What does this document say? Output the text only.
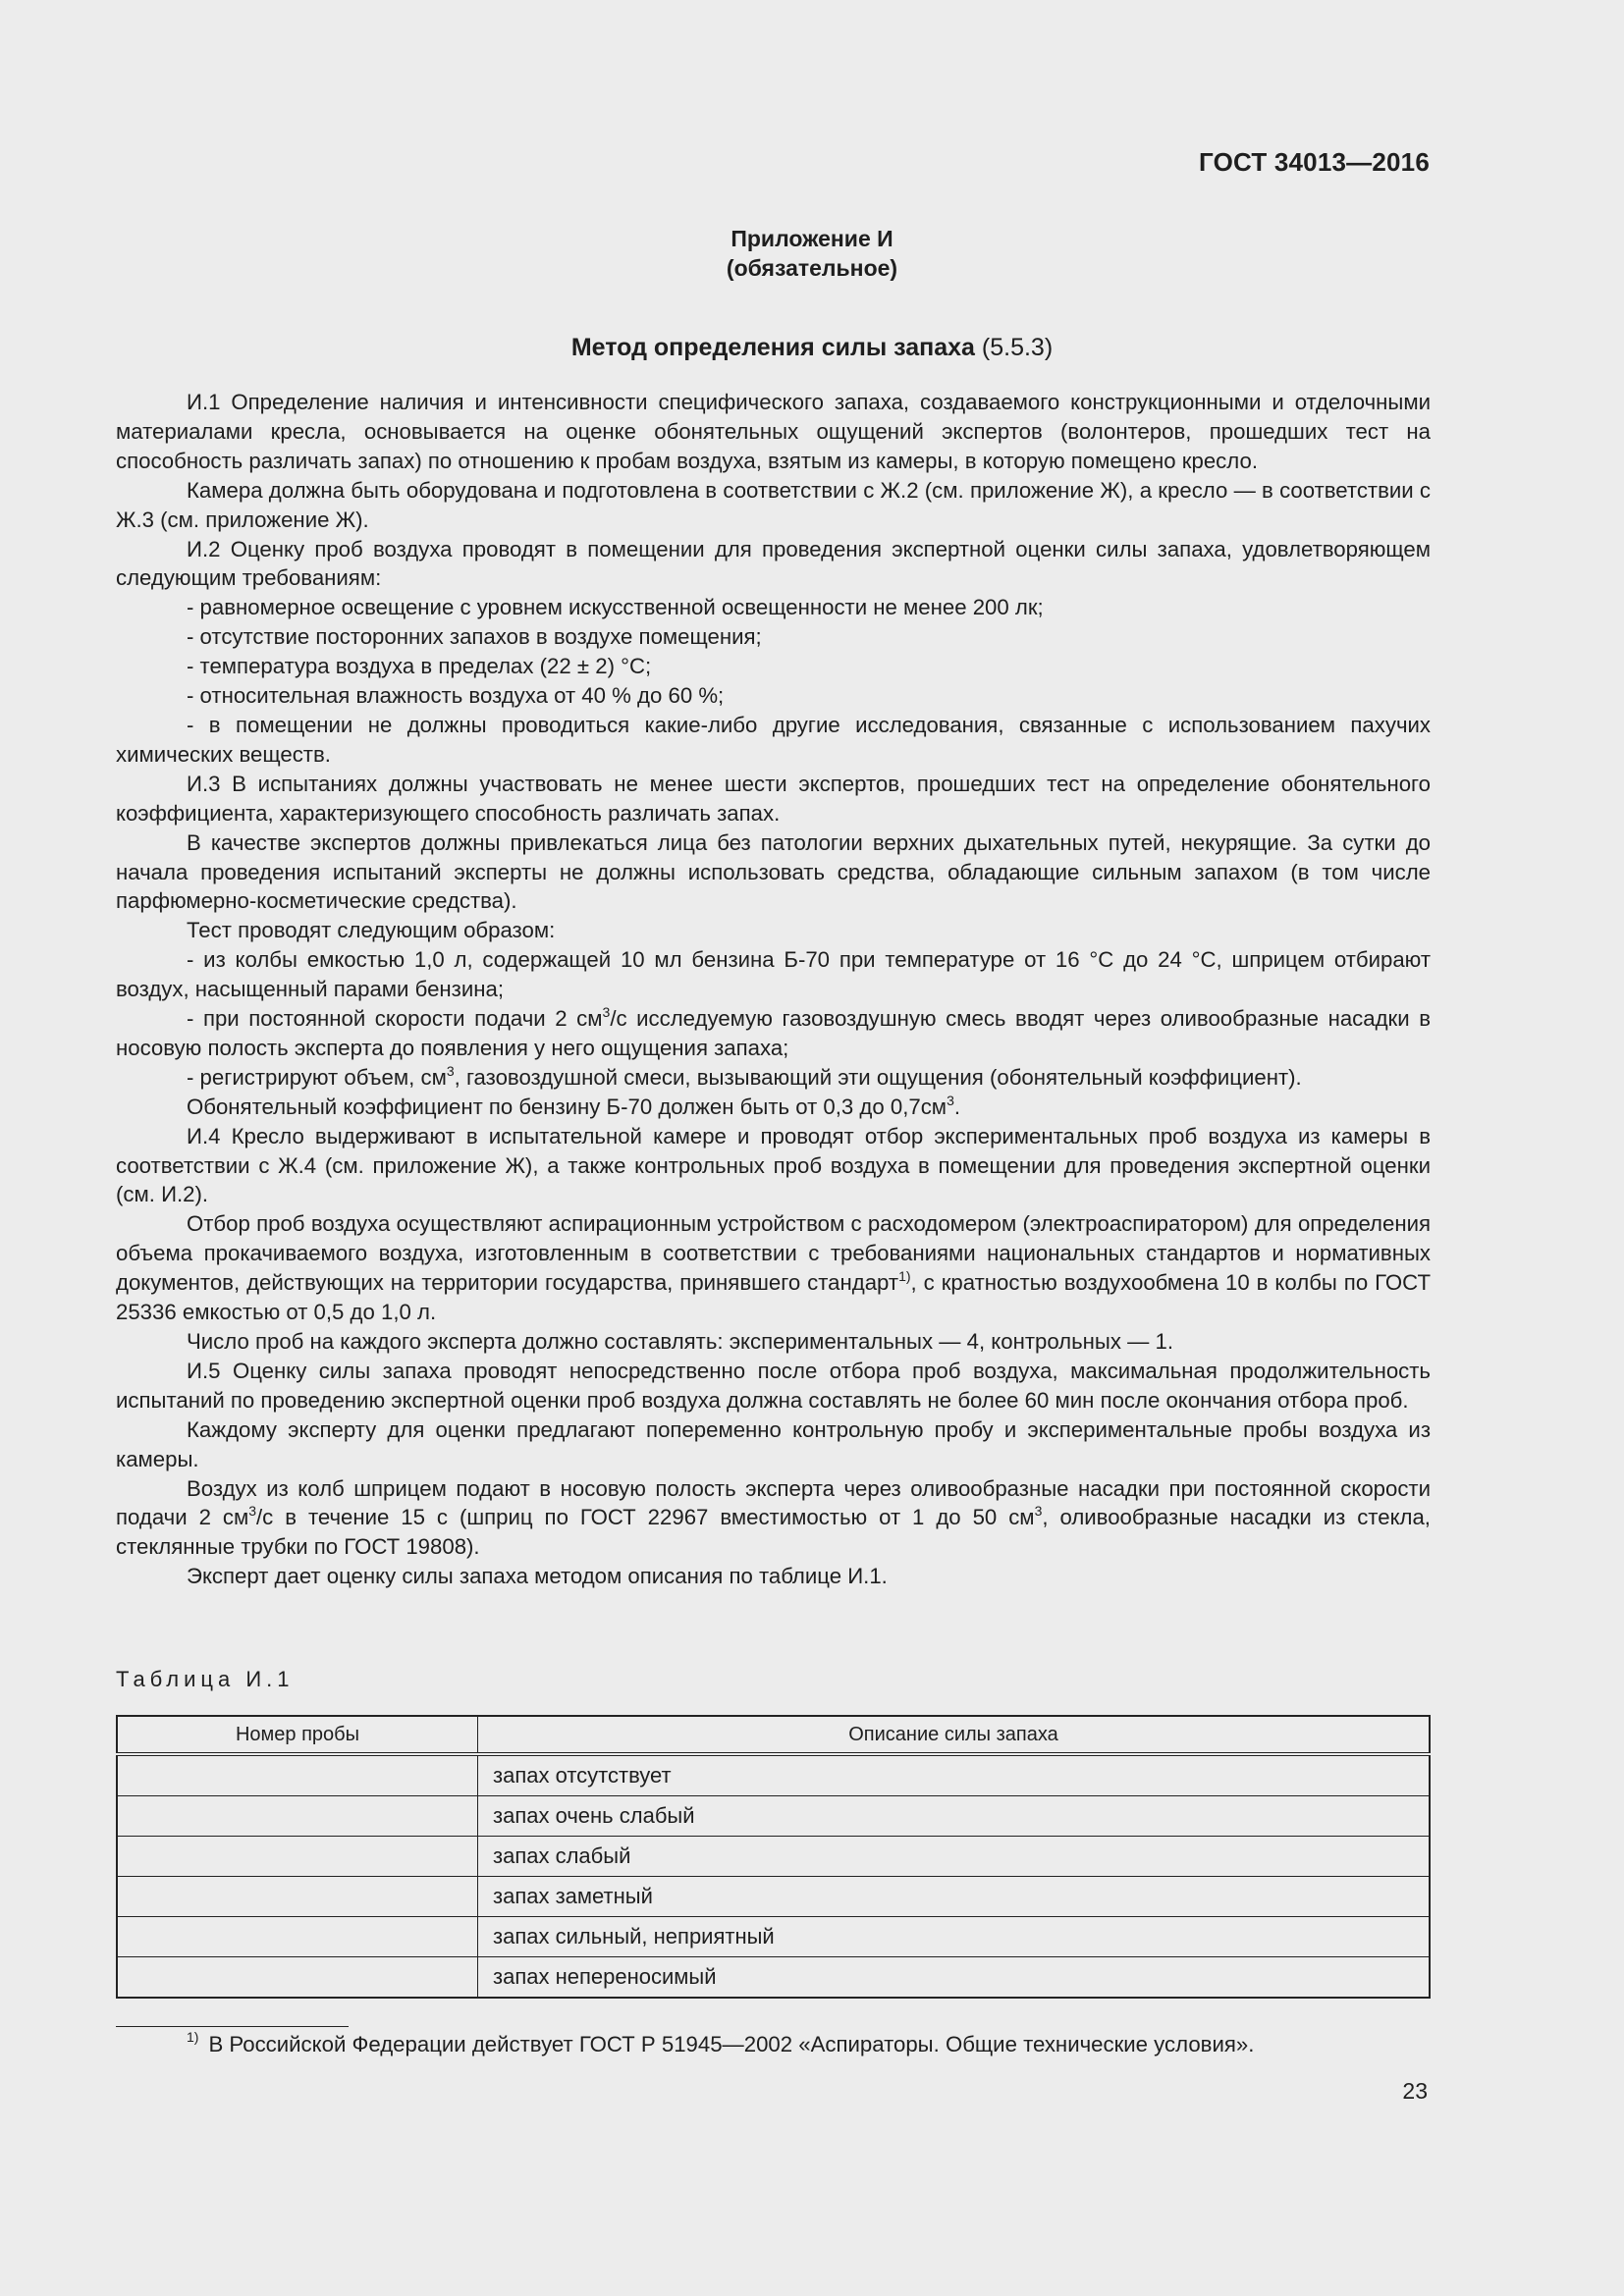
ГОСТ 34013—2016
Приложение И
(обязательное)
Метод определения силы запаха (5.5.3)

И.1 Определение наличия и интенсивности специфического запаха, создаваемого конструкционными и отделочными материалами кресла, основывается на оценке обонятельных ощущений экспертов (волонтеров, прошедших тест на способность различать запах) по отношению к пробам воздуха, взятым из камеры, в которую помещено кресло.

Камера должна быть оборудована и подготовлена в соответствии с Ж.2 (см. приложение Ж), а кресло — в соответствии с Ж.3 (см. приложение Ж).

И.2 Оценку проб воздуха проводят в помещении для проведения экспертной оценки силы запаха, удовлетворяющем следующим требованиям:

- равномерное освещение с уровнем искусственной освещенности не менее 200 лк;

- отсутствие посторонних запахов в воздухе помещения;

- температура воздуха в пределах (22 ± 2) °С;

- относительная влажность воздуха от 40 % до 60 %;

- в помещении не должны проводиться какие-либо другие исследования, связанные с использованием пахучих химических веществ.

И.3 В испытаниях должны участвовать не менее шести экспертов, прошедших тест на определение обонятельного коэффициента, характеризующего способность различать запах.

В качестве экспертов должны привлекаться лица без патологии верхних дыхательных путей, некурящие. За сутки до начала проведения испытаний эксперты не должны использовать средства, обладающие сильным запахом (в том числе парфюмерно-косметические средства).

Тест проводят следующим образом:

- из колбы емкостью 1,0 л, содержащей 10 мл бензина Б-70 при температуре от 16 °С до 24 °С, шприцем отбирают воздух, насыщенный парами бензина;

- при постоянной скорости подачи 2 $см^3/с$ исследуемую газовоздушную смесь вводят через оливообразные насадки в носовую полость эксперта до появления у него ощущения запаха;

- регистрируют объем, $см^3$, газовоздушной смеси, вызывающий эти ощущения (обонятельный коэффициент).

Обонятельный коэффициент по бензину Б-70 должен быть от 0,3 до $0,7см^3$.

И.4 Кресло выдерживают в испытательной камере и проводят отбор экспериментальных проб воздуха из камеры в соответствии с Ж.4 (см. приложение Ж), а также контрольных проб воздуха в помещении для проведения экспертной оценки (см. И.2).

Отбор проб воздуха осуществляют аспирационным устройством с расходомером (электроаспиратором) для определения объема прокачиваемого воздуха, изготовленным в соответствии с требованиями национальных стандартов и нормативных документов, действующих на территории государства, принявшего стандарт$^{1)}$, с кратностью воздухообмена 10 в колбы по ГОСТ 25336 емкостью от 0,5 до 1,0 л.

Число проб на каждого эксперта должно составлять: экспериментальных — 4, контрольных — 1.

И.5 Оценку силы запаха проводят непосредственно после отбора проб воздуха, максимальная продолжительность испытаний по проведению экспертной оценки проб воздуха должна составлять не более 60 мин после окончания отбора проб.

Каждому эксперту для оценки предлагают попеременно контрольную пробу и экспериментальные пробы воздуха из камеры.

Воздух из колб шприцем подают в носовую полость эксперта через оливообразные насадки при постоянной скорости подачи 2 $см^3/с$ в течение 15 с (шприц по ГОСТ 22967 вместимостью от 1 до 50 $см^3$, оливообразные насадки из стекла, стеклянные трубки по ГОСТ 19808).

Эксперт дает оценку силы запаха методом описания по таблице И.1.

Таблица И.1
Номер пробы	Описание силы запаха
	запах отсутствует
	запах очень слабый
	запах слабый
	запах заметный
	запах сильный, неприятный
	запах непереносимый
$^{1)}$ В Российской Федерации действует ГОСТ Р 51945—2002 «Аспираторы. Общие технические условия».
23
